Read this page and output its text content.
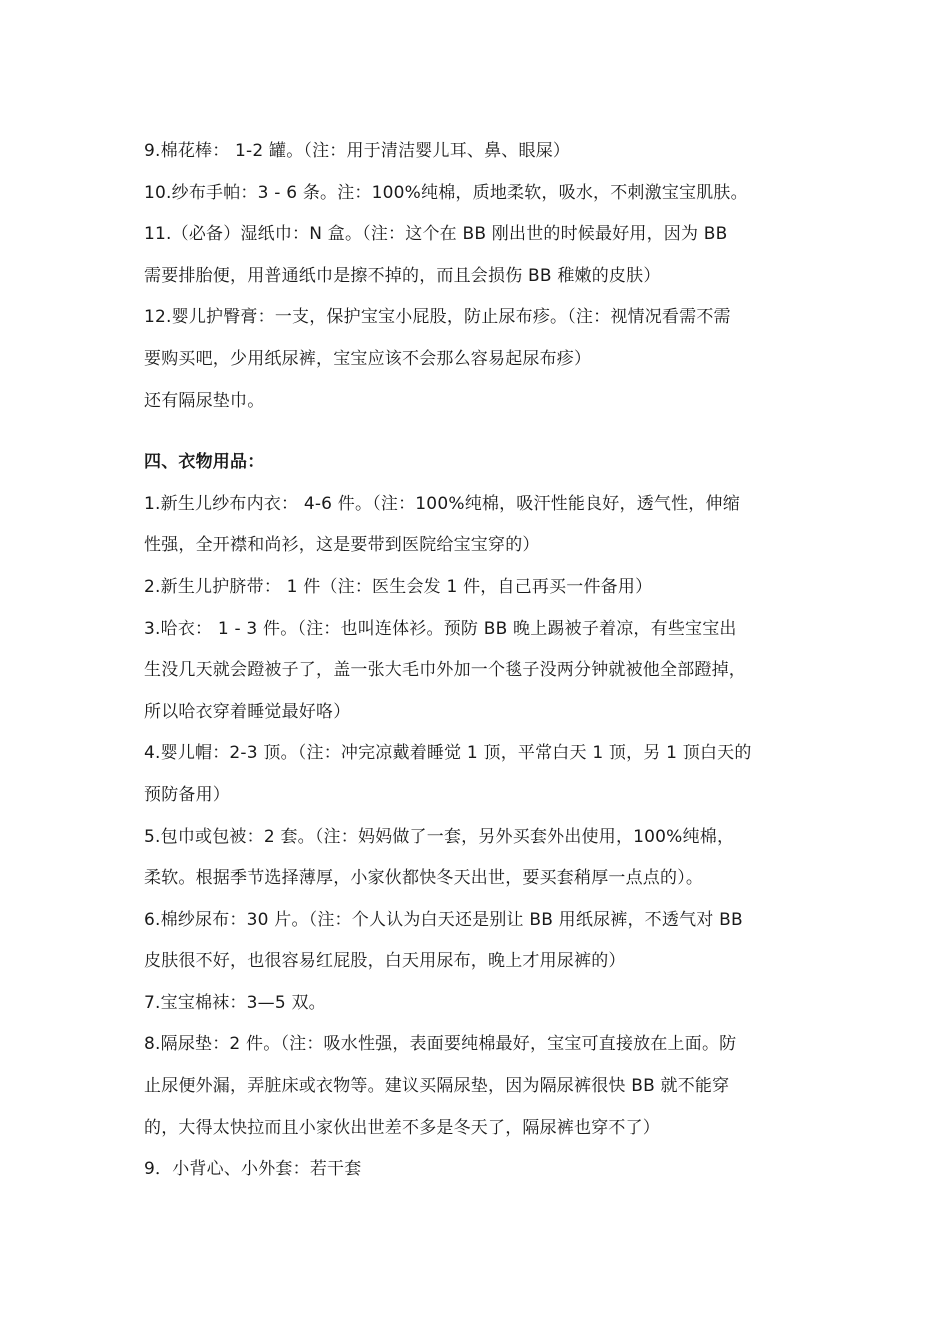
9.棉花棒： 1-2 罐。（注：用于清洁婴儿耳、鼻、眼屎）
10.纱布手帕：3 - 6 条。注：100%纯棉，质地柔软，吸水，不刺激宝宝肌肤。
11.（必备）湿纸巾：N 盒。（注：这个在 BB 刚出世的时候最好用，因为 BB
需要排胎便，用普通纸巾是擦不掉的，而且会损伤 BB 稚嫩的皮肤）
12.婴儿护臀膏：一支，保护宝宝小屁股，防止尿布疹。（注：视情况看需不需
要购买吧，少用纸尿裤，宝宝应该不会那么容易起尿布疹）
还有隔尿垫巾。
四、衣物用品：
1.新生儿纱布内衣： 4-6 件。（注：100%纯棉，吸汗性能良好，透气性，伸缩
性强，全开襟和尚衫，这是要带到医院给宝宝穿的）
2.新生儿护脐带： 1 件（注：医生会发 1 件，自己再买一件备用）
3.哈衣： 1 - 3 件。（注：也叫连体衫。预防 BB 晚上踢被子着凉，有些宝宝出
生没几天就会蹬被子了，盖一张大毛巾外加一个毯子没两分钟就被他全部蹬掉，
所以哈衣穿着睡觉最好咯）
4.婴儿帽：2-3 顶。（注：冲完凉戴着睡觉 1 顶，平常白天 1 顶，另 1 顶白天的
预防备用）
5.包巾或包被：2 套。（注：妈妈做了一套，另外买套外出使用，100%纯棉，
柔软。根据季节选择薄厚，小家伙都快冬天出世，要买套稍厚一点点的）。
6.棉纱尿布：30 片。（注：个人认为白天还是别让 BB 用纸尿裤，不透气对 BB
皮肤很不好，也很容易红屁股，白天用尿布，晚上才用尿裤的）
7.宝宝棉袜：3—5 双。
8.隔尿垫：2 件。（注：吸水性强，表面要纯棉最好，宝宝可直接放在上面。防
止尿便外漏，弄脏床或衣物等。建议买隔尿垫，因为隔尿裤很快 BB 就不能穿
的，大得太快拉而且小家伙出世差不多是冬天了，隔尿裤也穿不了）
9．小背心、小外套：若干套
